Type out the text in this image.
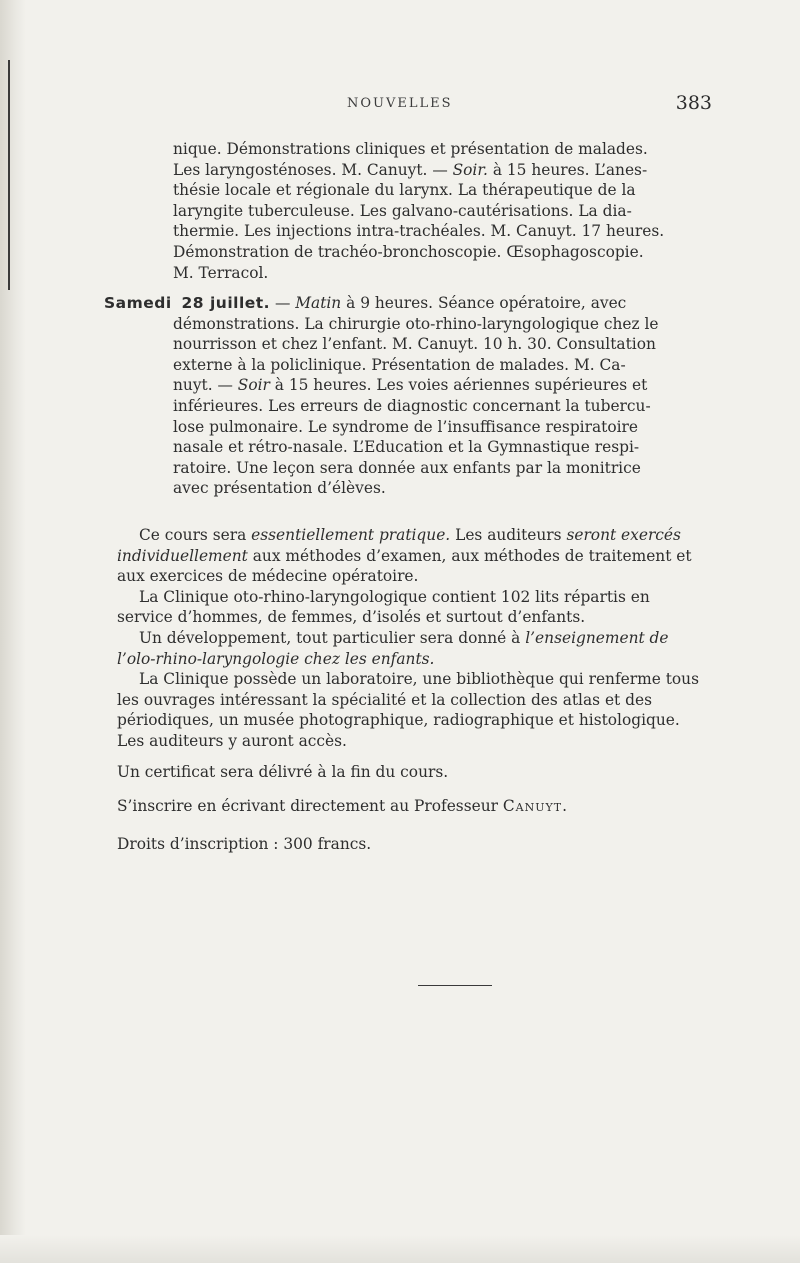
NOUVELLES	383

nique. Démonstrations cliniques et présentation de malades.

Les laryngosténoses. M. Canuyt. — Soir. à 15 heures. L’anes-

thésie locale et régionale du larynx. La thérapeutique de la

laryngite tuberculeuse. Les galvano-cautérisations. La dia-

thermie. Les injections intra-trachéales. M. Canuyt. 17 heures.

Démonstration de trachéo-bronchoscopie. Œsophagoscopie.

M. Terracol.

Samedi 28 juillet. — Matin à 9 heures. Séance opératoire, avec

démonstrations. La chirurgie oto-rhino-laryngologique chez le

nourrisson et chez l’enfant. M. Canuyt. 10 h. 30. Consultation

externe à la policlinique. Présentation de malades. M. Ca-

nuyt. — Soir à 15 heures. Les voies aériennes supérieures et

inférieures. Les erreurs de diagnostic concernant la tubercu-

lose pulmonaire. Le syndrome de l’insuffisance respiratoire

nasale et rétro-nasale. L’Education et la Gymnastique respi-

ratoire. Une leçon sera donnée aux enfants par la monitrice

avec présentation d’élèves.

Ce cours sera essentiellement pratique. Les auditeurs seront exercés individuellement aux méthodes d’examen, aux méthodes de traitement et aux exercices de médecine opératoire.

La Clinique oto-rhino-laryngologique contient 102 lits répartis en service d’hommes, de femmes, d’isolés et surtout d’enfants.

Un développement, tout particulier sera donné à l’enseignement de l’olo-rhino-laryngologie chez les enfants.

La Clinique possède un laboratoire, une bibliothèque qui renferme tous les ouvrages intéressant la spécialité et la collection des atlas et des périodiques, un musée photographique, radiographique et histologique. Les auditeurs y auront accès.

Un certificat sera délivré à la fin du cours.

S’inscrire en écrivant directement au Professeur Canuyt.

Droits d’inscription : 300 francs.
